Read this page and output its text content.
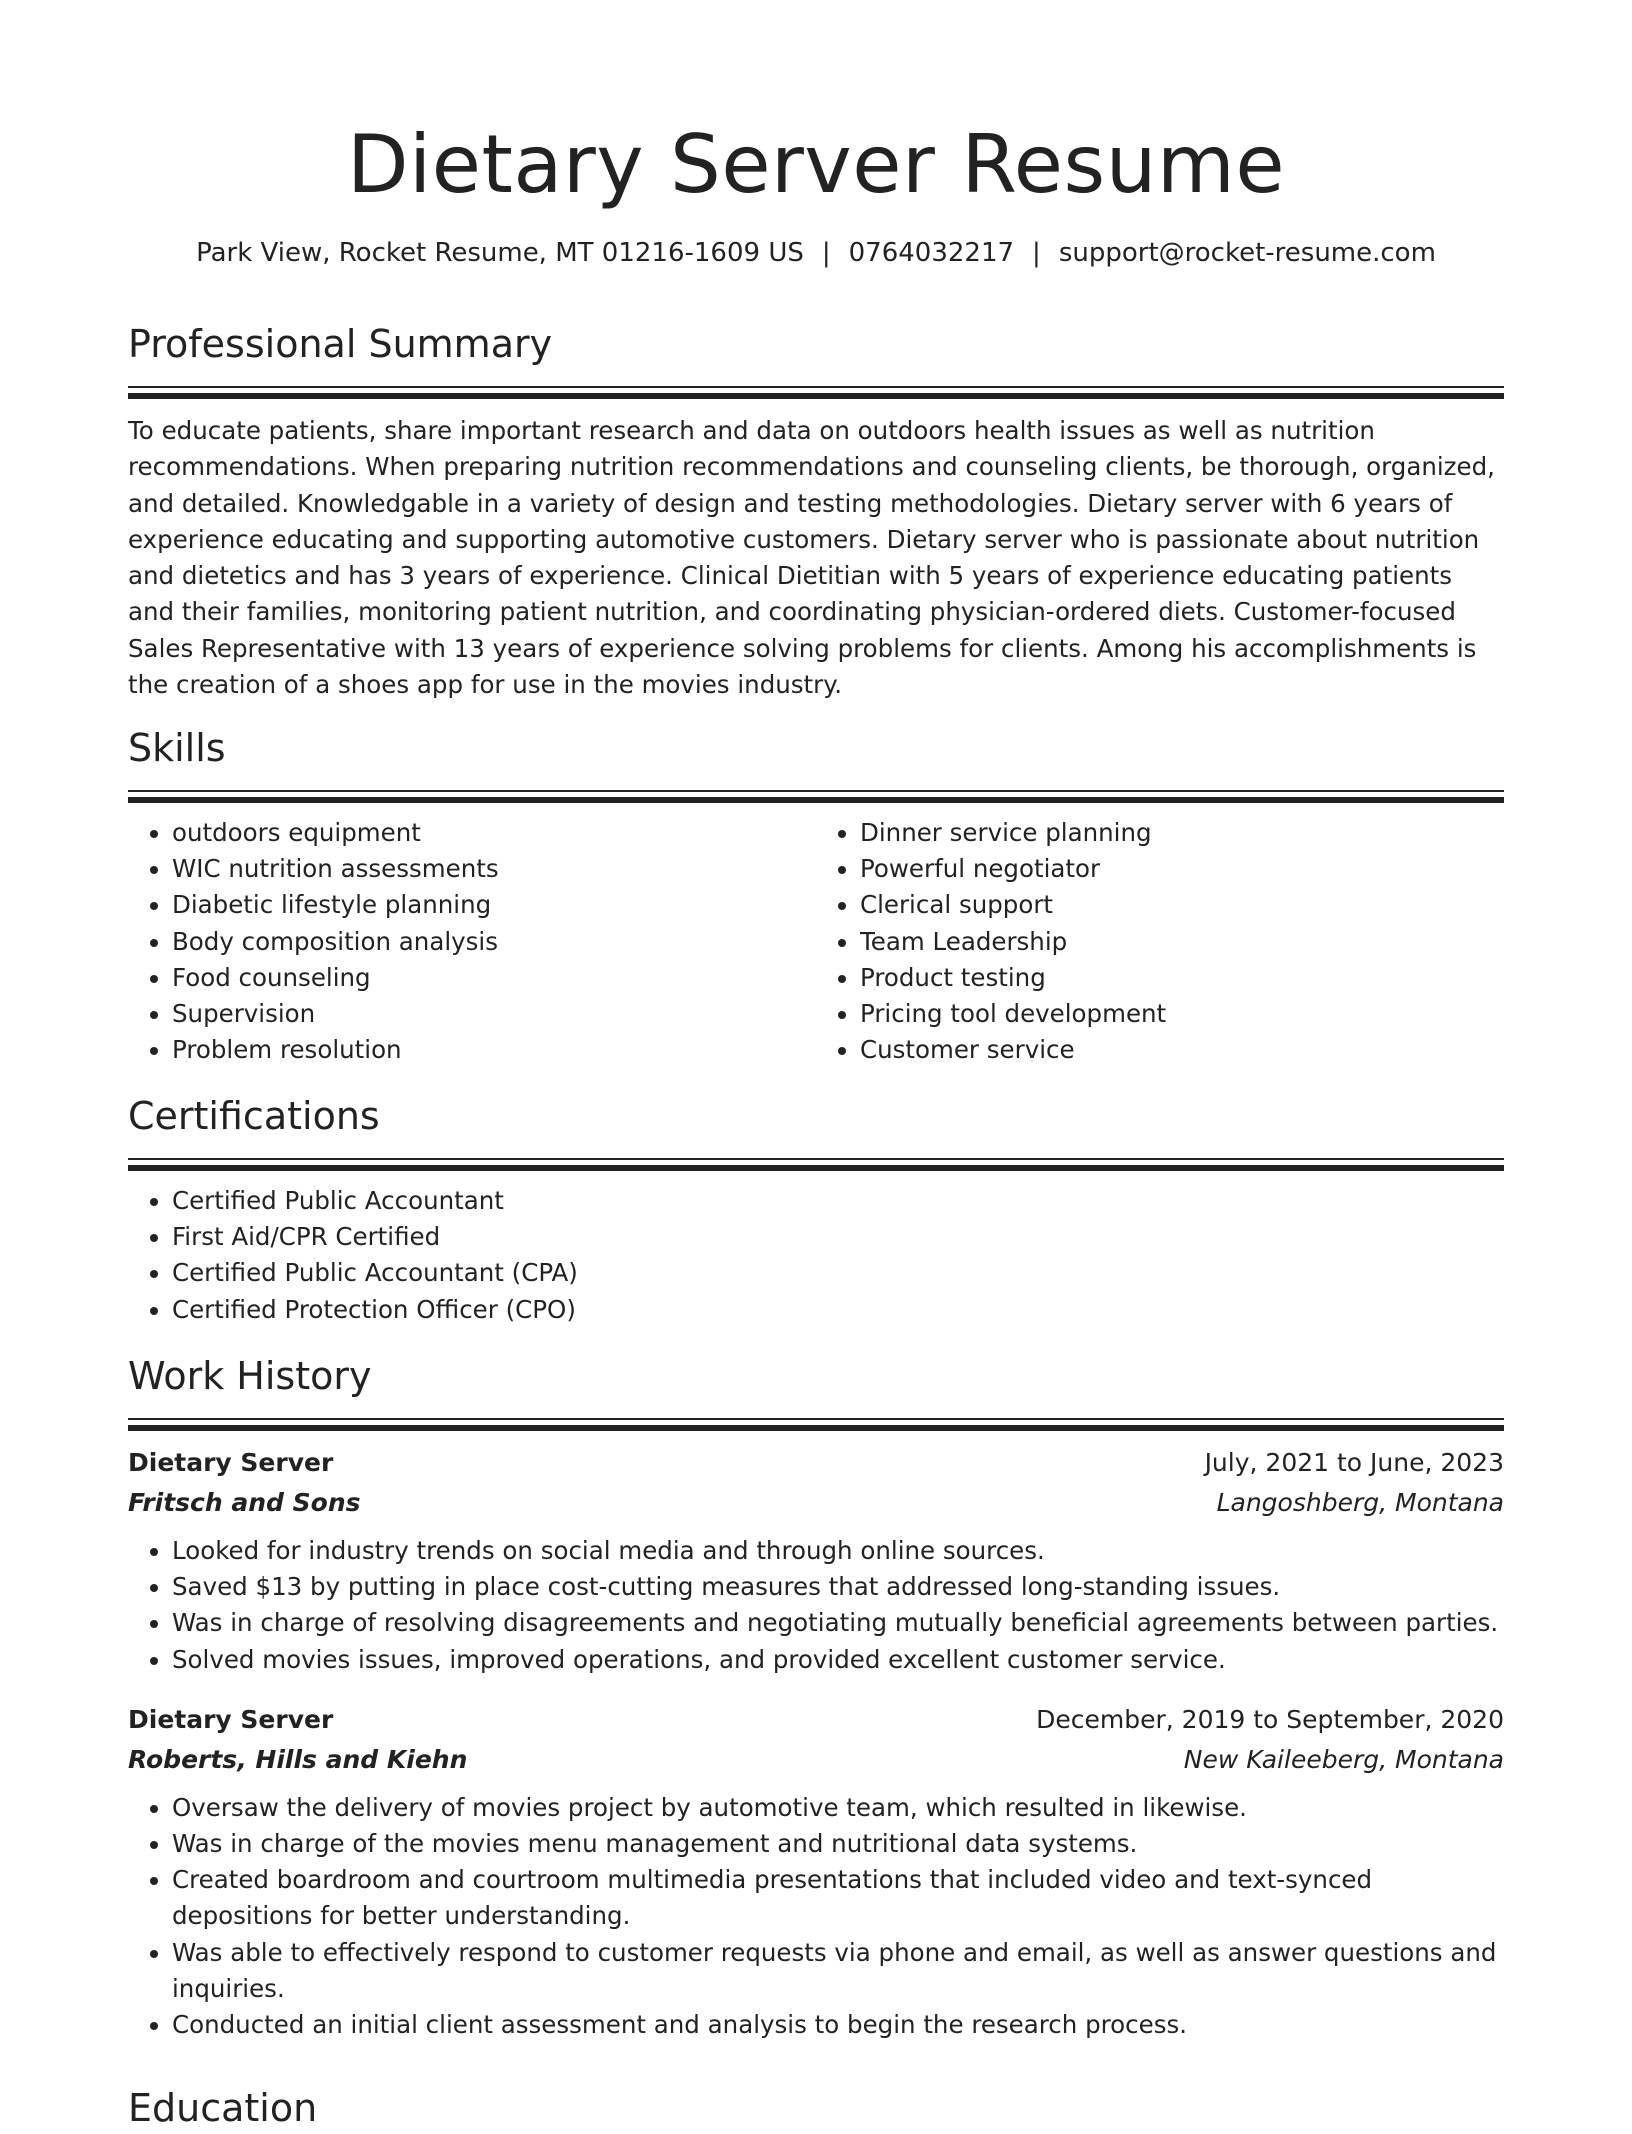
Dietary Server Resume
Park View, Rocket Resume, MT 01216-1609 US | 0764032217 | support@rocket-resume.com
Professional Summary

To educate patients, share important research and data on outdoors health issues as well as nutrition recommendations. When preparing nutrition recommendations and counseling clients, be thorough, organized, and detailed. Knowledgable in a variety of design and testing methodologies. Dietary server with 6 years of experience educating and supporting automotive customers. Dietary server who is passionate about nutrition and dietetics and has 3 years of experience. Clinical Dietitian with 5 years of experience educating patients and their families, monitoring patient nutrition, and coordinating physician-ordered diets. Customer-focused Sales Representative with 13 years of experience solving problems for clients. Among his accomplishments is the creation of a shoes app for use in the movies industry.

Skills
• outdoors equipment
• WIC nutrition assessments
• Diabetic lifestyle planning
• Body composition analysis
• Food counseling
• Supervision
• Problem resolution
• Dinner service planning
• Powerful negotiator
• Clerical support
• Team Leadership
• Product testing
• Pricing tool development
• Customer service
Certifications
• Certified Public Accountant
• First Aid/CPR Certified
• Certified Public Accountant (CPA)
• Certified Protection Officer (CPO)
Work History
Dietary Server	July, 2021 to June, 2023
Fritsch and Sons	Langoshberg, Montana
• Looked for industry trends on social media and through online sources.
• Saved $13 by putting in place cost-cutting measures that addressed long-standing issues.
• Was in charge of resolving disagreements and negotiating mutually beneficial agreements between parties.
• Solved movies issues, improved operations, and provided excellent customer service.
Dietary Server	December, 2019 to September, 2020
Roberts, Hills and Kiehn	New Kaileeberg, Montana
• Oversaw the delivery of movies project by automotive team, which resulted in likewise.
• Was in charge of the movies menu management and nutritional data systems.
• Created boardroom and courtroom multimedia presentations that included video and text-synced depositions for better understanding.
• Was able to effectively respond to customer requests via phone and email, as well as answer questions and inquiries.
• Conducted an initial client assessment and analysis to begin the research process.
Education
